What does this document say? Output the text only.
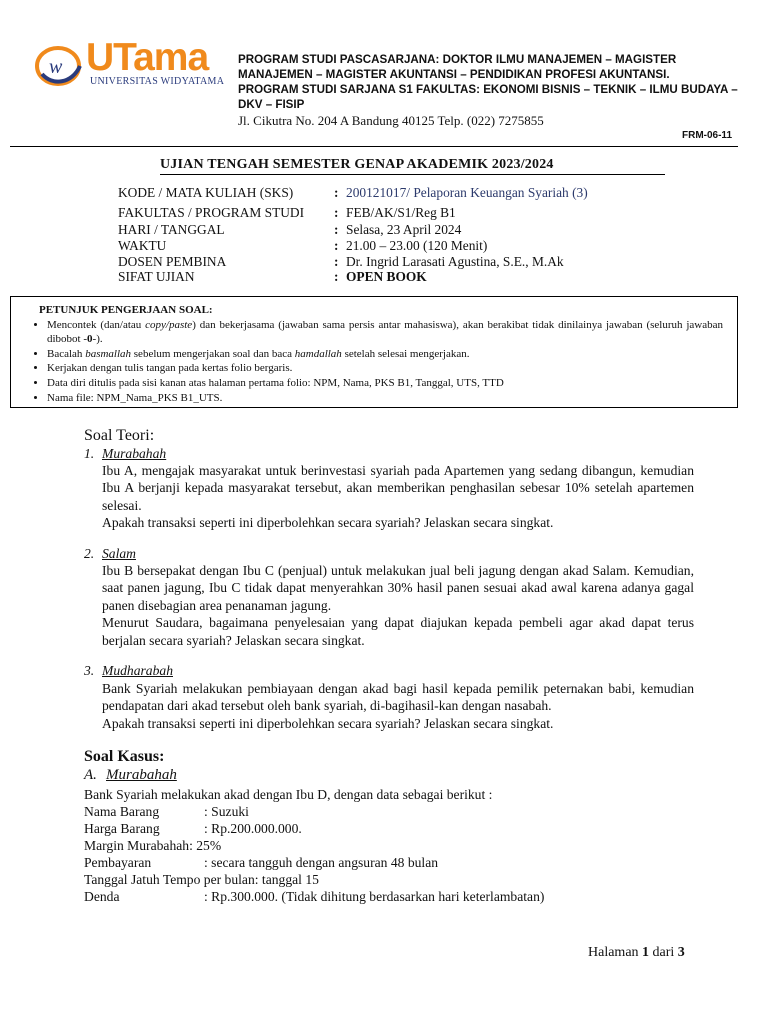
w UTama
UNIVERSITAS WIDYATAMA
PROGRAM STUDI PASCASARJANA: DOKTOR ILMU MANAJEMEN – MAGISTER
MANAJEMEN – MAGISTER AKUNTANSI – PENDIDIKAN PROFESI AKUNTANSI.
PROGRAM STUDI SARJANA S1 FAKULTAS: EKONOMI BISNIS – TEKNIK – ILMU BUDAYA –
DKV – FISIP
Jl. Cikutra No. 204 A Bandung 40125 Telp. (022) 7275855
FRM-06-11
UJIAN TENGAH SEMESTER GENAP AKADEMIK 2023/2024
KODE / MATA KULIAH (SKS)	: 200121017/ Pelaporan Keuangan Syariah (3)
FAKULTAS / PROGRAM STUDI : FEB/AK/S1/Reg B1
HARI / TANGGAL	: Selasa, 23 April 2024
WAKTU	: 21.00 – 23.00 (120 Menit)
DOSEN PEMBINA	: Dr. Ingrid Larasati Agustina, S.E., M.Ak
SIFAT UJIAN	: OPEN BOOK
PETUNJUK PENGERJAAN SOAL:
• Mencontek (dan/atau copy/paste) dan bekerjasama (jawaban sama persis antar mahasiswa), akan berakibat tidak dinilainya jawaban (seluruh jawaban dibobot -0-).
• Bacalah basmallah sebelum mengerjakan soal dan baca hamdallah setelah selesai mengerjakan.
• Kerjakan dengan tulis tangan pada kertas folio bergaris.
• Data diri ditulis pada sisi kanan atas halaman pertama folio: NPM, Nama, PKS B1, Tanggal, UTS, TTD
• Nama file: NPM_Nama_PKS B1_UTS.
Soal Teori:
1. Murabahah

Ibu A, mengajak masyarakat untuk berinvestasi syariah pada Apartemen yang sedang dibangun, kemudian Ibu A berjanji kepada masyarakat tersebut, akan memberikan penghasilan sebesar 10% setelah apartemen selesai.

Apakah transaksi seperti ini diperbolehkan secara syariah? Jelaskan secara singkat.

2. Salam

Ibu B bersepakat dengan Ibu C (penjual) untuk melakukan jual beli jagung dengan akad Salam. Kemudian, saat panen jagung, Ibu C tidak dapat menyerahkan 30% hasil panen sesuai akad awal karena adanya gagal panen disebagian area penanaman jagung.

Menurut Saudara, bagaimana penyelesaian yang dapat diajukan kepada pembeli agar akad dapat terus berjalan secara syariah? Jelaskan secara singkat.

3. Mudharabah

Bank Syariah melakukan pembiayaan dengan akad bagi hasil kepada pemilik peternakan babi, kemudian pendapatan dari akad tersebut oleh bank syariah, di-bagihasil-kan dengan nasabah.

Apakah transaksi seperti ini diperbolehkan secara syariah? Jelaskan secara singkat.

Soal Kasus:
A. Murabahah
Bank Syariah melakukan akad dengan Ibu D, dengan data sebagai berikut :
Nama Barang	: Suzuki
Harga Barang	: Rp.200.000.000.
Margin Murabahah: 25%
Pembayaran	: secara tangguh dengan angsuran 48 bulan
Tanggal Jatuh Tempo per bulan: tanggal 15
Denda	: Rp.300.000. (Tidak dihitung berdasarkan hari keterlambatan)
Halaman 1 dari 3
